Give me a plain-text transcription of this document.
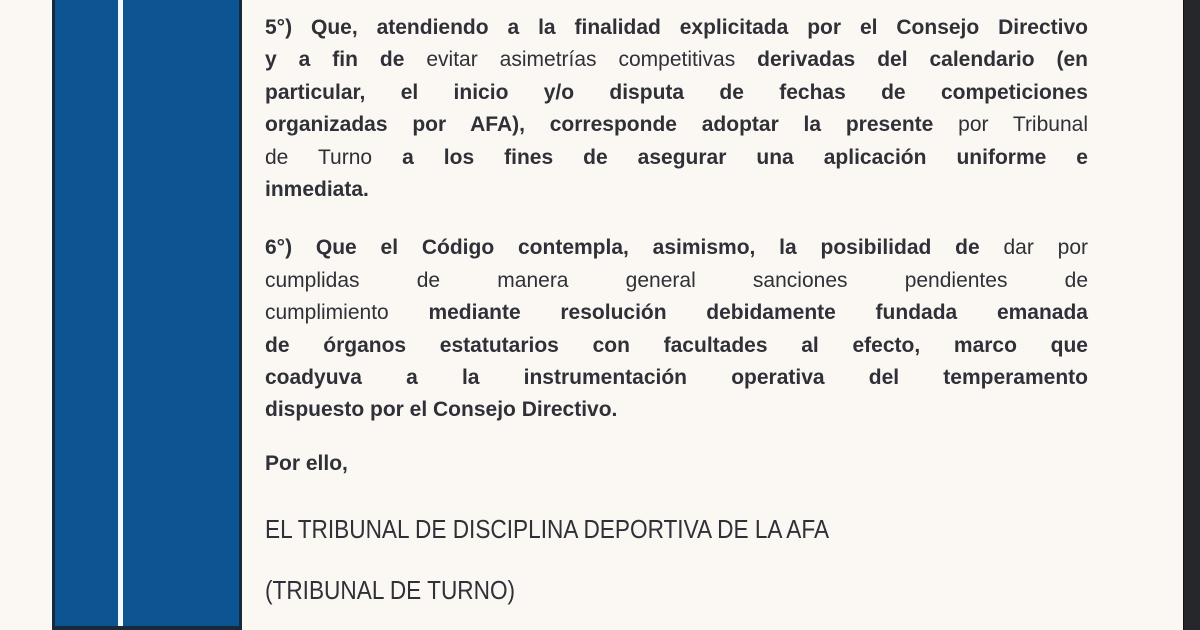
5°) Que, atendiendo a la finalidad explicitada por el Consejo Directivo
y a fin de evitar asimetrías competitivas derivadas del calendario (en
particular, el inicio y/o disputa de fechas de competiciones
organizadas por AFA), corresponde adoptar la presente por Tribunal
de Turno a los fines de asegurar una aplicación uniforme e
inmediata.
6°) Que el Código contempla, asimismo, la posibilidad de dar por
cumplidas de manera general sanciones pendientes de
cumplimiento mediante resolución debidamente fundada emanada
de órganos estatutarios con facultades al efecto, marco que
coadyuva a la instrumentación operativa del temperamento
dispuesto por el Consejo Directivo.
Por ello,
EL TRIBUNAL DE DISCIPLINA DEPORTIVA DE LA AFA
(TRIBUNAL DE TURNO)
